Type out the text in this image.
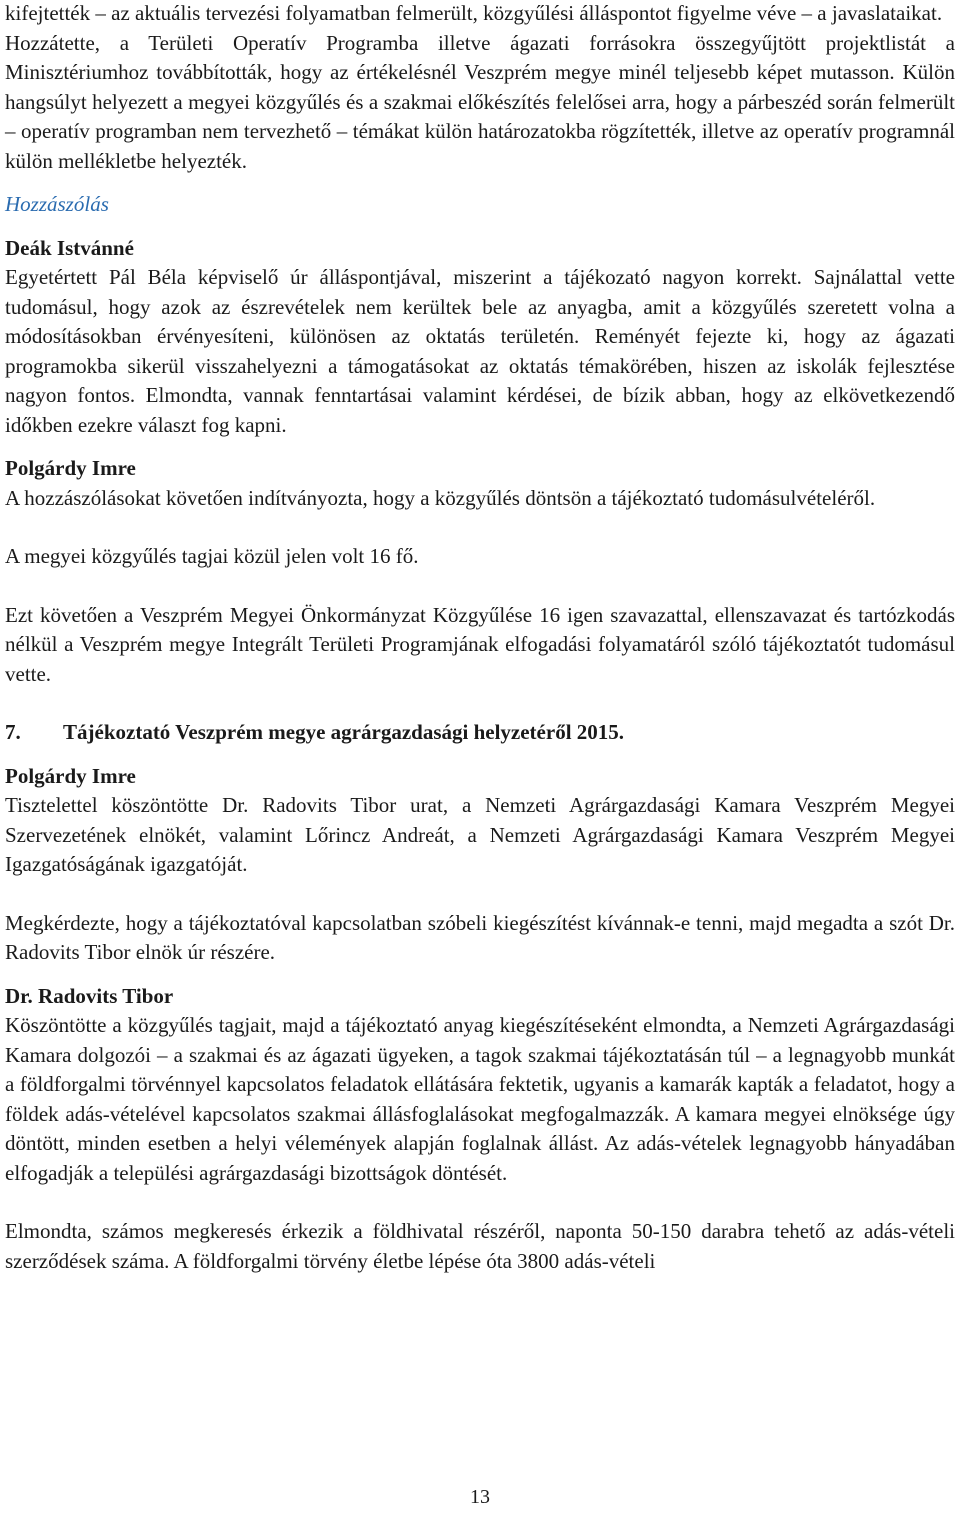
kifejtették – az aktuális tervezési folyamatban felmerült, közgyűlési álláspontot figyelme véve – a javaslataikat.

Hozzátette, a Területi Operatív Programba illetve ágazati forrásokra összegyűjtött projektlistát a Minisztériumhoz továbbították, hogy az értékelésnél Veszprém megye minél teljesebb képet mutasson. Külön hangsúlyt helyezett a megyei közgyűlés és a szakmai előkészítés felelősei arra, hogy a párbeszéd során felmerült – operatív programban nem tervezhető – témákat külön határozatokba rögzítették, illetve az operatív programnál külön mellékletbe helyezték.

Hozzászólás

Deák Istvánné

Egyetértett Pál Béla képviselő úr álláspontjával, miszerint a tájékozató nagyon korrekt. Sajnálattal vette tudomásul, hogy azok az észrevételek nem kerültek bele az anyagba, amit a közgyűlés szeretett volna a módosításokban érvényesíteni, különösen az oktatás területén. Reményét fejezte ki, hogy az ágazati programokba sikerül visszahelyezni a támogatásokat az oktatás témakörében, hiszen az iskolák fejlesztése nagyon fontos. Elmondta, vannak fenntartásai valamint kérdései, de bízik abban, hogy az elkövetkezendő időkben ezekre választ fog kapni.

Polgárdy Imre

A hozzászólásokat követően indítványozta, hogy a közgyűlés döntsön a tájékoztató tudomásulvételéről.

A megyei közgyűlés tagjai közül jelen volt 16 fő.

Ezt követően a Veszprém Megyei Önkormányzat Közgyűlése 16 igen szavazattal, ellenszavazat és tartózkodás nélkül a Veszprém megye Integrált Területi Programjának elfogadási folyamatáról szóló tájékoztatót tudomásul vette.

7. Tájékoztató Veszprém megye agrárgazdasági helyzetéről 2015.

Polgárdy Imre

Tisztelettel köszöntötte Dr. Radovits Tibor urat, a Nemzeti Agrárgazdasági Kamara Veszprém Megyei Szervezetének elnökét, valamint Lőrincz Andreát, a Nemzeti Agrárgazdasági Kamara Veszprém Megyei Igazgatóságának igazgatóját.

Megkérdezte, hogy a tájékoztatóval kapcsolatban szóbeli kiegészítést kívánnak-e tenni, majd megadta a szót Dr. Radovits Tibor elnök úr részére.

Dr. Radovits Tibor

Köszöntötte a közgyűlés tagjait, majd a tájékoztató anyag kiegészítéseként elmondta, a Nemzeti Agrárgazdasági Kamara dolgozói – a szakmai és az ágazati ügyeken, a tagok szakmai tájékoztatásán túl – a legnagyobb munkát a földforgalmi törvénnyel kapcsolatos feladatok ellátására fektetik, ugyanis a kamarák kapták a feladatot, hogy a földek adás-vételével kapcsolatos szakmai állásfoglalásokat megfogalmazzák. A kamara megyei elnöksége úgy döntött, minden esetben a helyi vélemények alapján foglalnak állást. Az adás-vételek legnagyobb hányadában elfogadják a települési agrárgazdasági bizottságok döntését.

Elmondta, számos megkeresés érkezik a földhivatal részéről, naponta 50-150 darabra tehető az adás-vételi szerződések száma. A földforgalmi törvény életbe lépése óta 3800 adás-vételi

13
